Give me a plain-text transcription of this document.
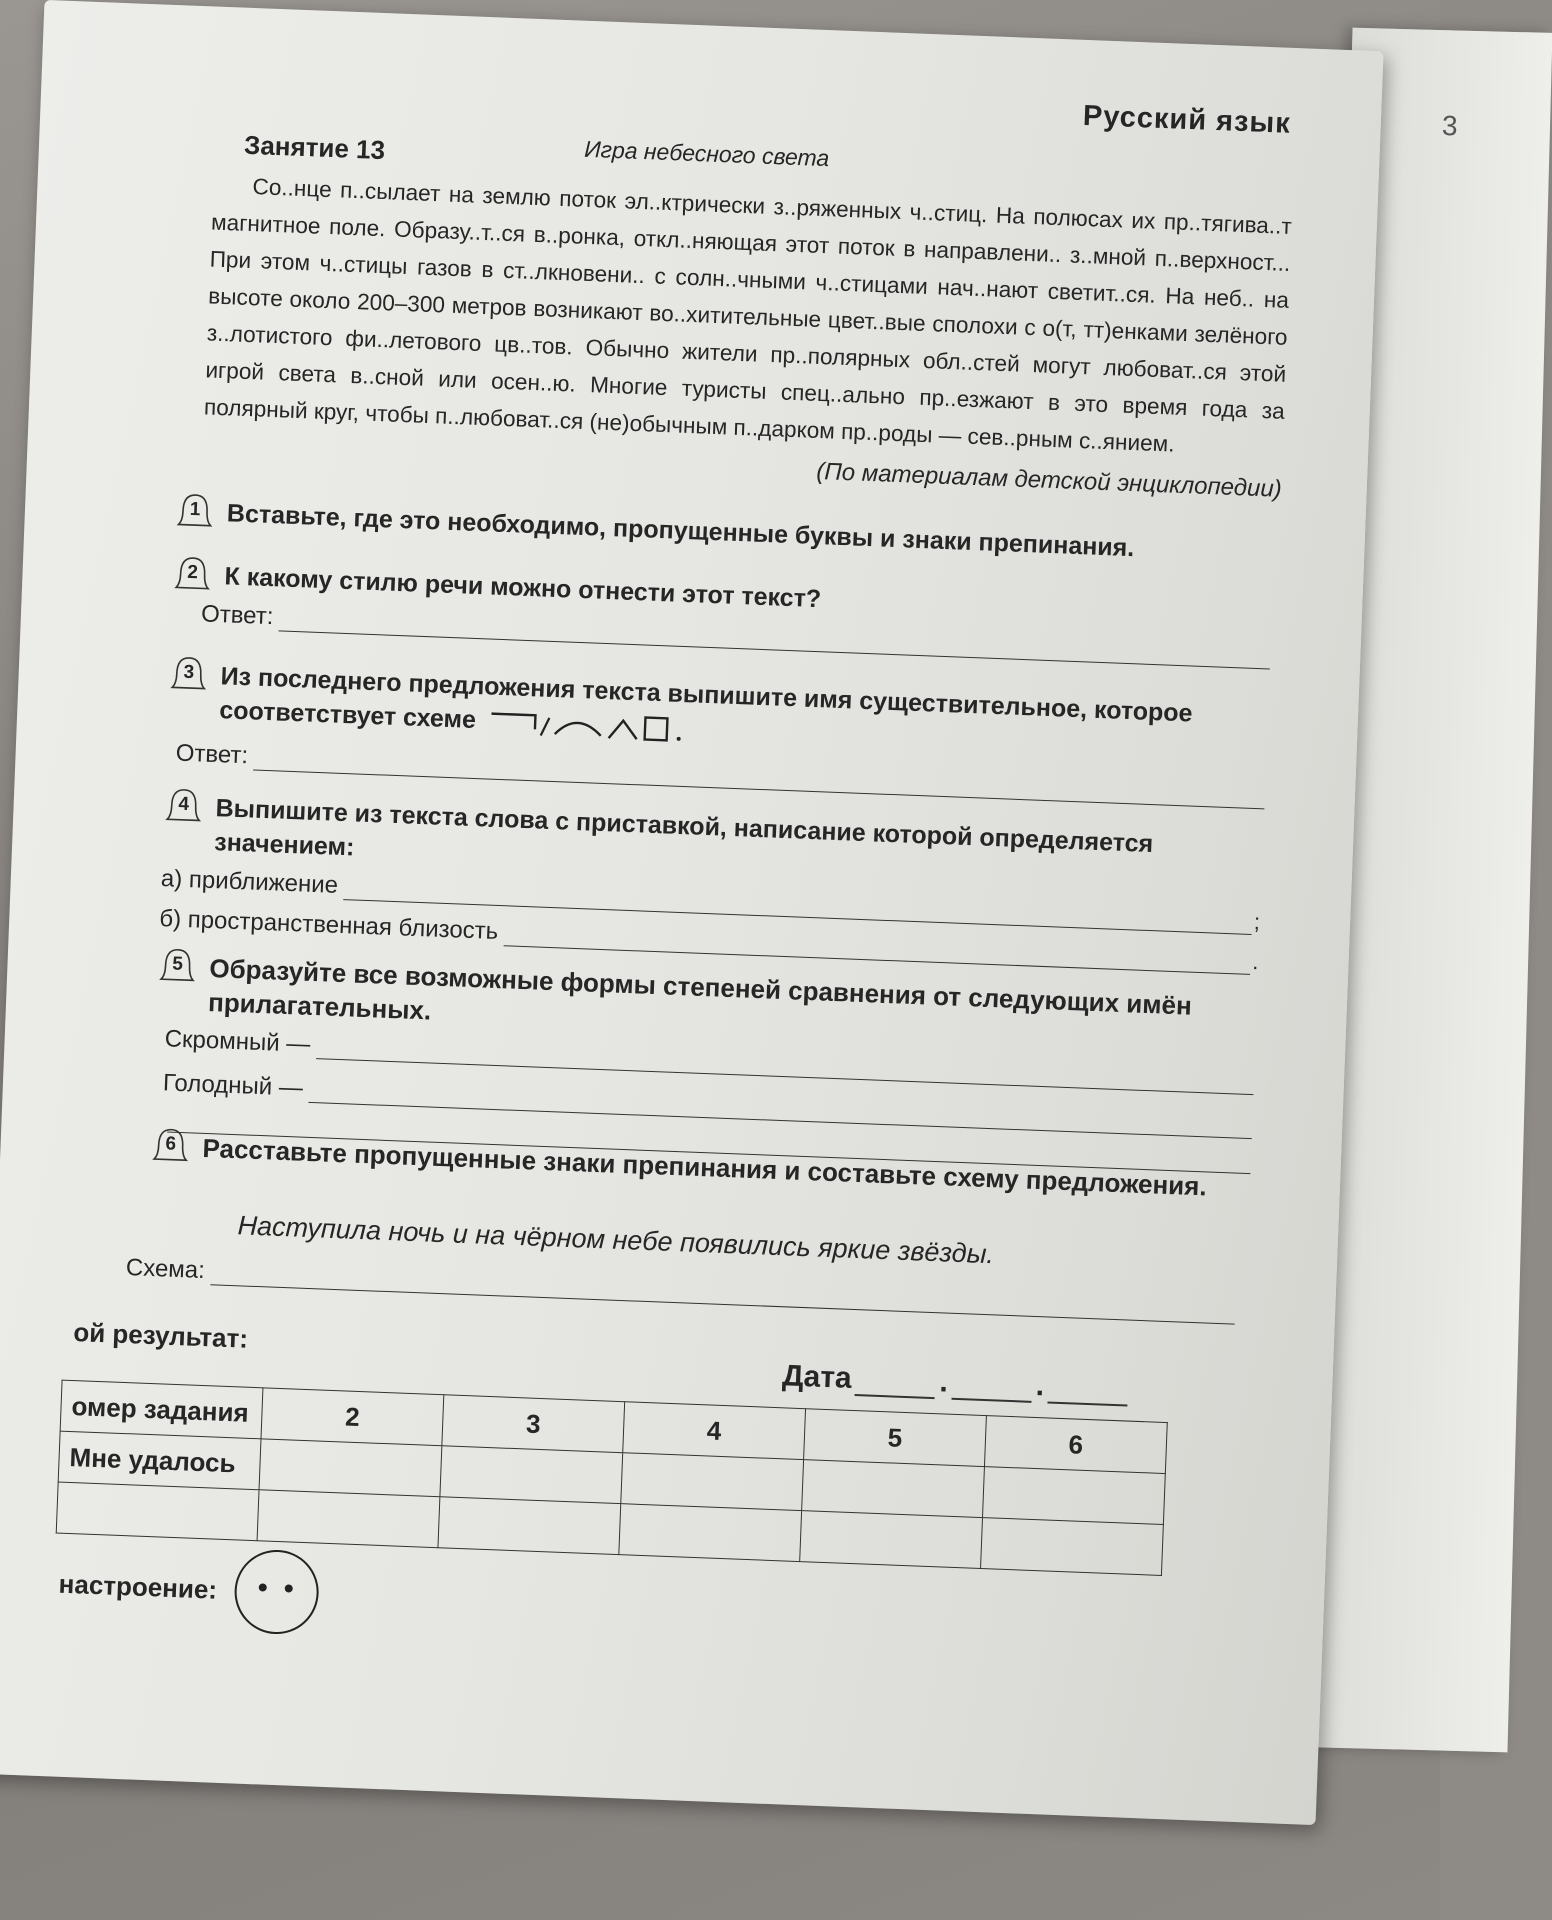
3
Русский язык
Занятие 13	Игра небесного света

Со..нце п..сылает на землю поток эл..ктрически з..ряженных ч..стиц. На полюсах их пр..тягива..т магнитное поле. Образу..т..ся в..ронка, откл..няющая этот поток в направлени.. з..мной п..верхност... При этом ч..стицы газов в ст..лкновени.. с солн..чными ч..стицами нач..нают светит..ся. На неб.. на высоте около 200–300 метров возникают во..хитительные цвет..вые сполохи с о(т, тт)енками зелёного з..лотистого фи..летового цв..тов. Обычно жители пр..полярных обл..стей могут любоват..ся этой игрой света в..сной или осен..ю. Многие туристы спец..ально пр..езжают в это время года за полярный круг, чтобы п..любоват..ся (не)обычным п..дарком пр..роды — сев..рным с..янием.

(По материалам детской энциклопедии)
1 Вставьте, где это необходимо, пропущенные буквы и знаки препинания.
2 К какому стилю речи можно отнести этот текст?
Ответ:
3 Из последнего предложения текста выпишите имя существительное, которое соответствует схеме
Ответ:
4 Выпишите из текста слова с приставкой, написание которой определяется значением:
а) приближение
;
б) пространственная близость
.
5 Образуйте все возможные формы степеней сравнения от следующих имён прилагательных.
Скромный —
Голодный —
6 Расставьте пропущенные знаки препинания и составьте схему предложения.
Наступила ночь и на чёрном небе появились яркие звёзды.
Схема:
ой результат:
Дата	.	.
омер задания	2	3	4	5	6
Мне удалось					

настроение:
